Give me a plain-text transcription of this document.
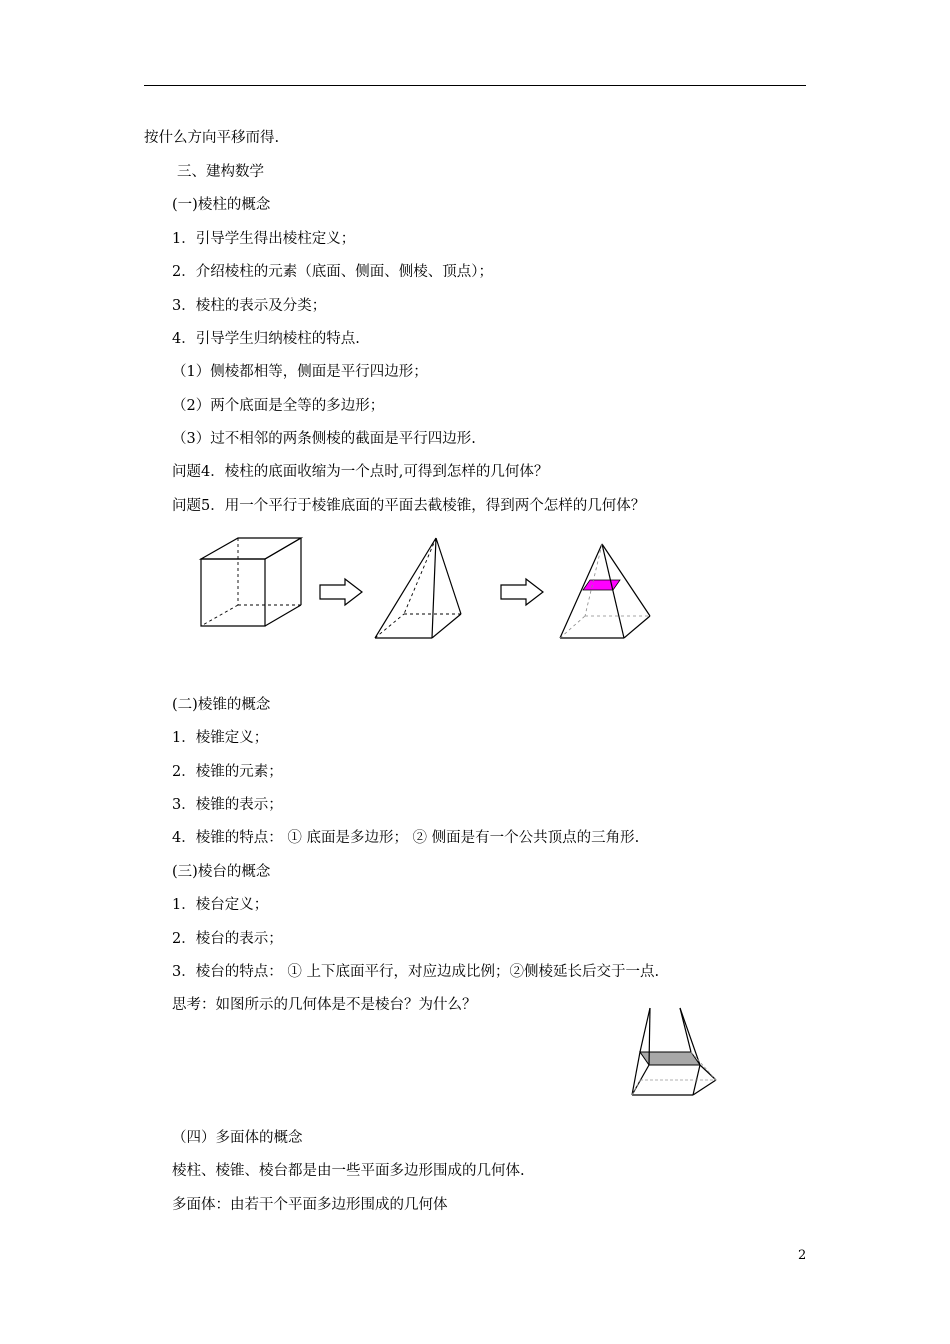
按什么方向平移而得.
三、建构数学
(一)棱柱的概念
1．引导学生得出棱柱定义；
2．介绍棱柱的元素（底面、侧面、侧棱、顶点）；
3．棱柱的表示及分类；
4．引导学生归纳棱柱的特点.
（1）侧棱都相等，侧面是平行四边形；
（2）两个底面是全等的多边形；
（3）过不相邻的两条侧棱的截面是平行四边形.
问题4．棱柱的底面收缩为一个点时,可得到怎样的几何体？
问题5．用一个平行于棱锥底面的平面去截棱锥，得到两个怎样的几何体？
(二)棱锥的概念
1．棱锥定义；
2．棱锥的元素；
3．棱锥的表示；
4．棱锥的特点： ① 底面是多边形； ② 侧面是有一个公共顶点的三角形.
(三)棱台的概念
1．棱台定义；
2．棱台的表示；
3．棱台的特点： ① 上下底面平行，对应边成比例；②侧棱延长后交于一点.
思考：如图所示的几何体是不是棱台？为什么？
（四）多面体的概念
棱柱、棱锥、棱台都是由一些平面多边形围成的几何体.
多面体：由若干个平面多边形围成的几何体
2
